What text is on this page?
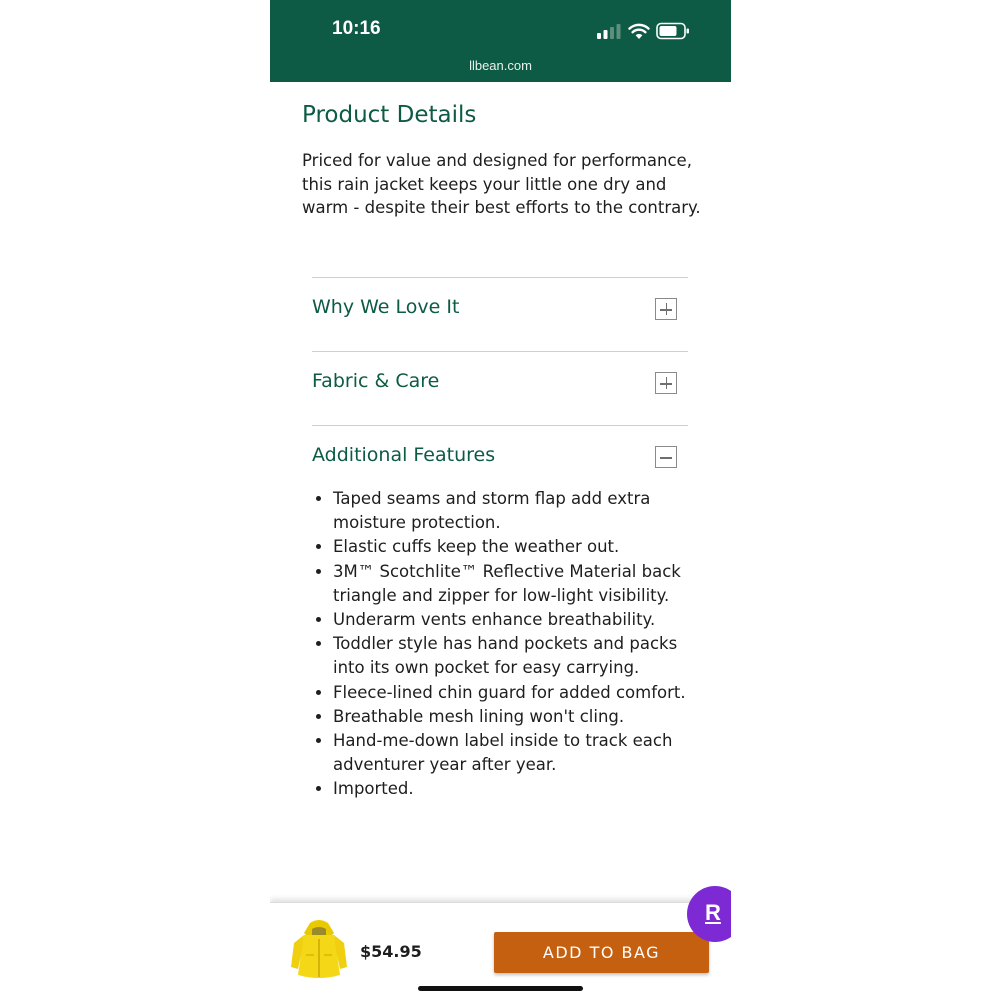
10:16
llbean.com
Product Details

Priced for value and designed for performance, this rain jacket keeps your little one dry and warm - despite their best efforts to the contrary.

Why We Love It
Fabric & Care
Additional Features
• Taped seams and storm flap add extra moisture protection.
• Elastic cuffs keep the weather out.
• 3M™ Scotchlite™ Reflective Material back triangle and zipper for low-light visibility.
• Underarm vents enhance breathability.
• Toddler style has hand pockets and packs into its own pocket for easy carrying.
• Fleece-lined chin guard for added comfort.
• Breathable mesh lining won't cling.
• Hand-me-down label inside to track each adventurer year after year.
• Imported.
$54.95	ADD TO BAG
R
